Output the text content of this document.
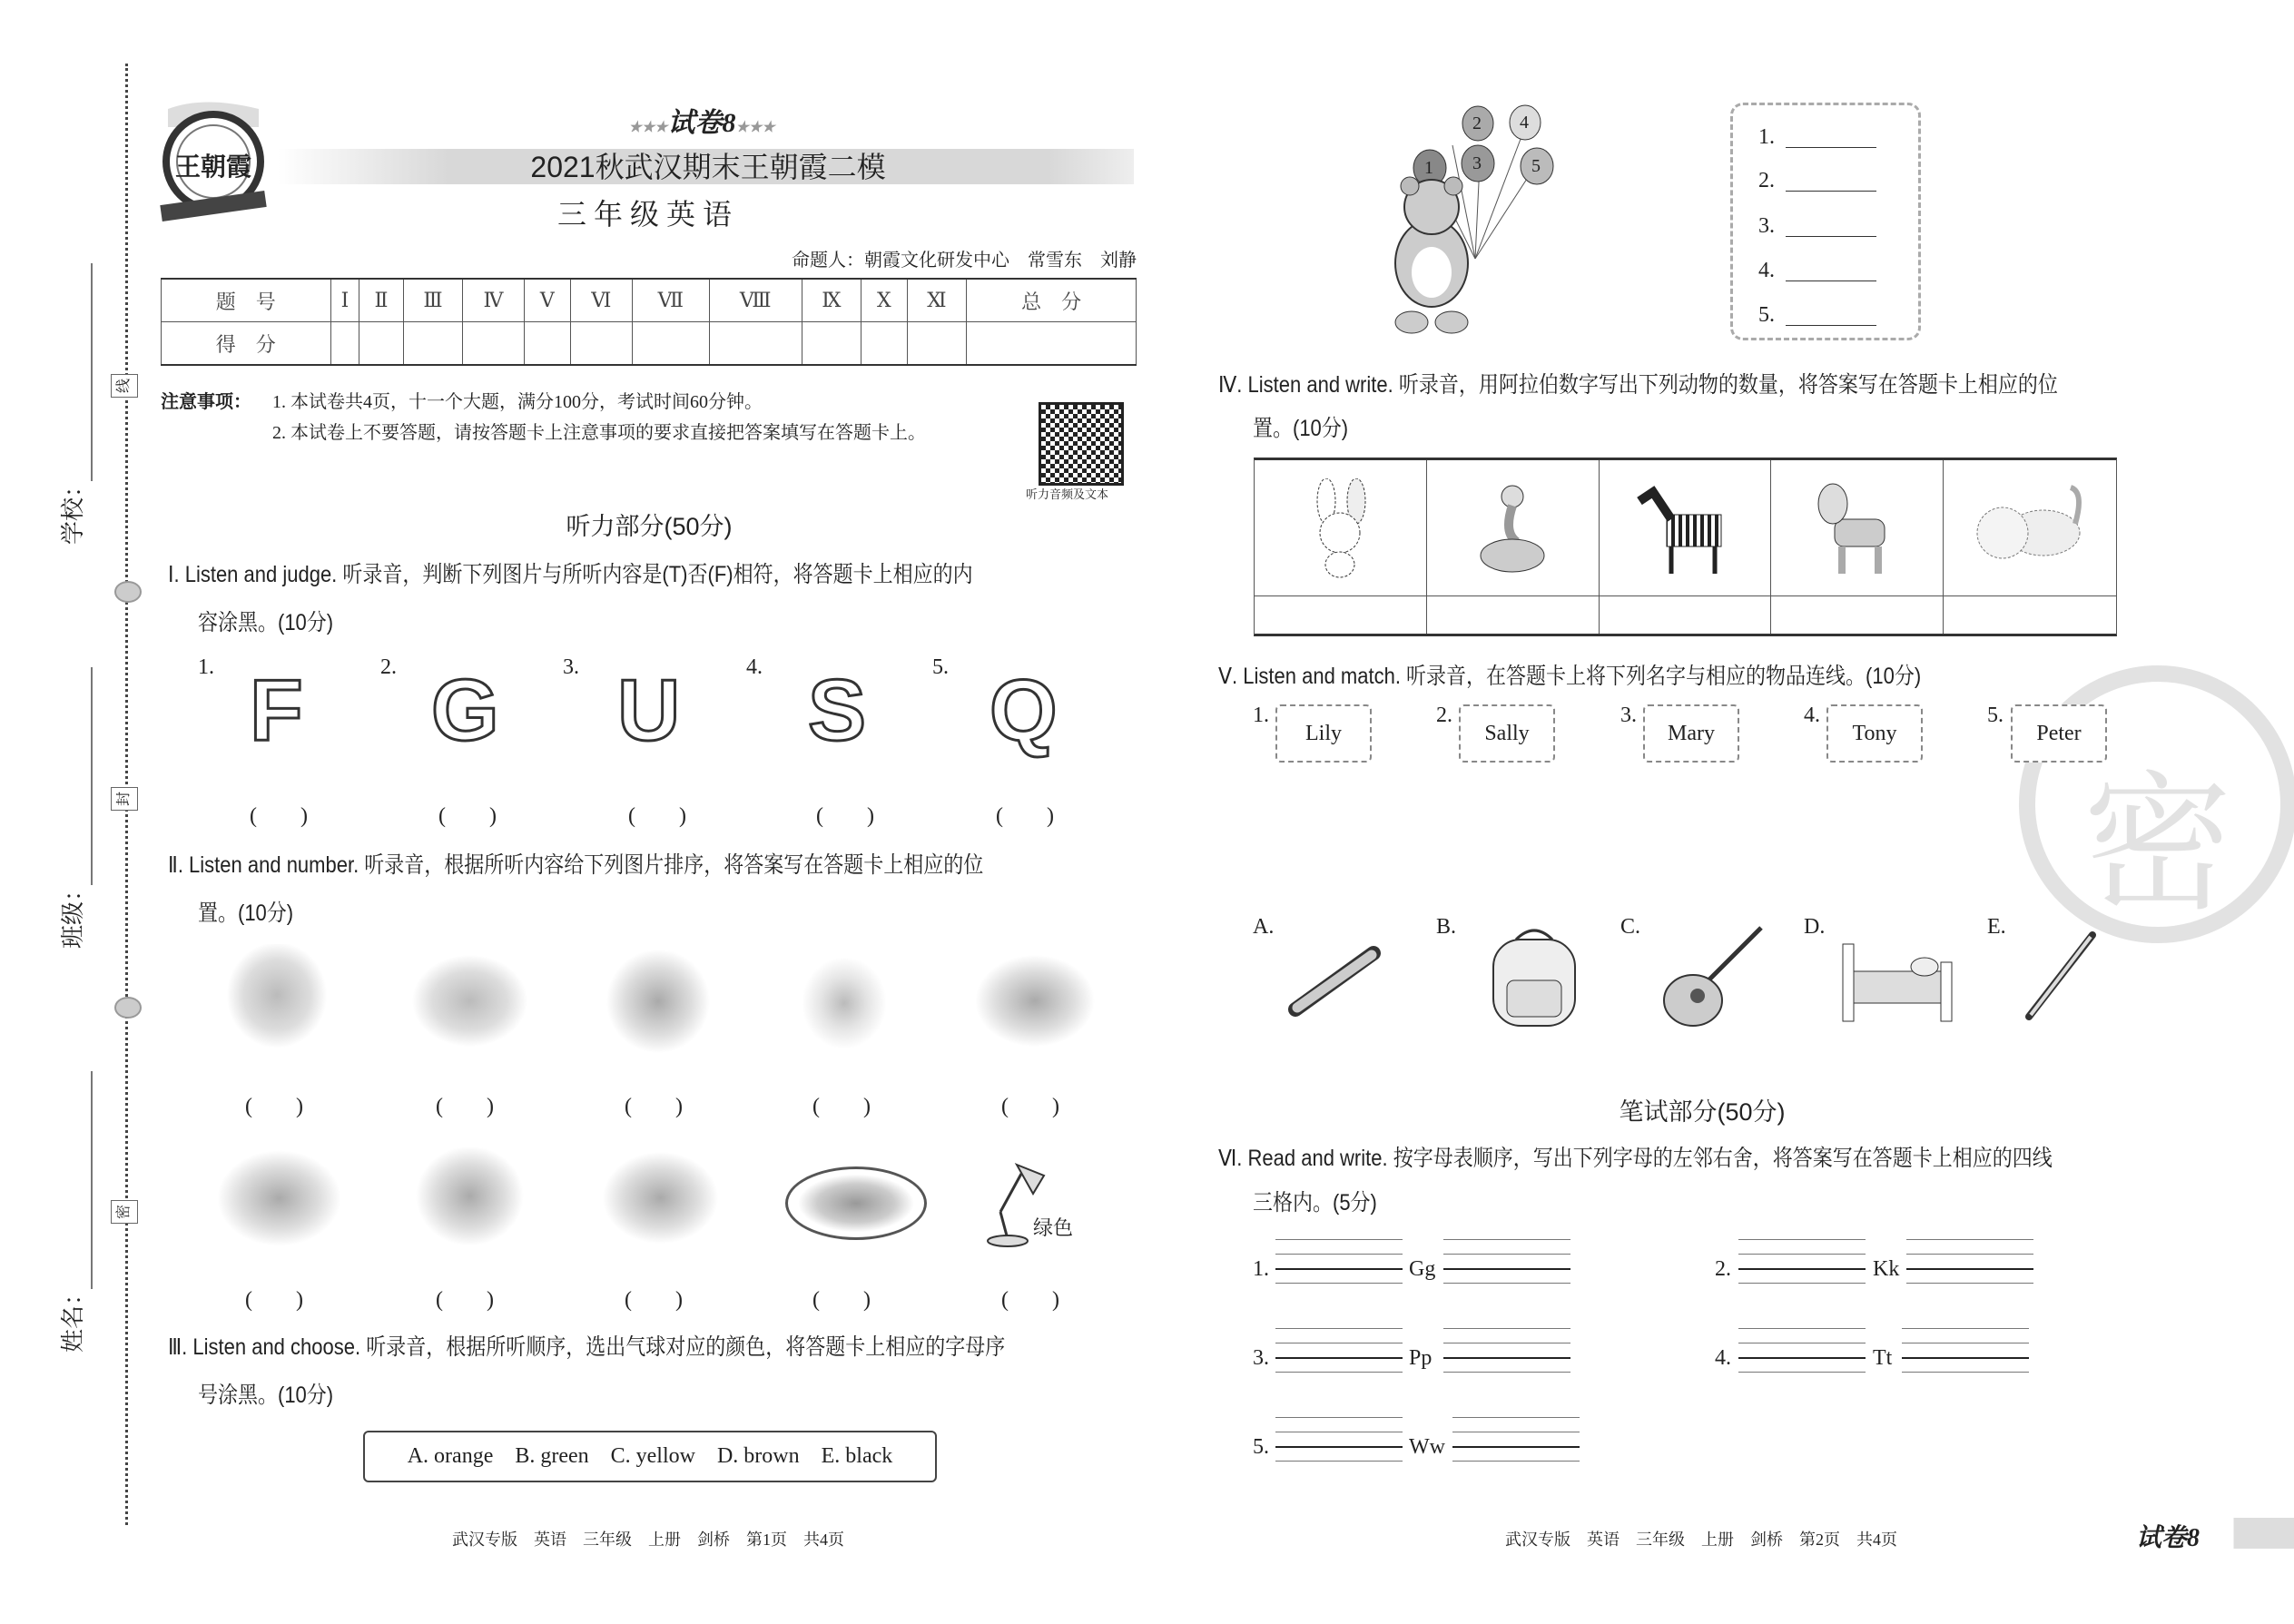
学校：
班级：
姓名：
线
封
密
王朝霞
★★★试卷8★★★
2021秋武汉期末王朝霞二模
三年级英语
命题人：朝霞文化研发中心　常雪东　刘静
题　号	Ⅰ	Ⅱ	Ⅲ	Ⅳ	Ⅴ	Ⅵ	Ⅶ	Ⅷ	Ⅸ	Ⅹ	Ⅺ	总　分
得　分												
注意事项： 1. 本试卷共4页，十一个大题，满分100分，考试时间60分钟。
2. 本试卷上不要答题，请按答题卡上注意事项的要求直接把答案填写在答题卡上。
听力音频及文本
听力部分(50分)
Ⅰ. Listen and judge. 听录音，判断下列图片与所听内容是(T)否(F)相符，将答题卡上相应的内
容涂黑。(10分)
1.	2.	3.	4.	5.
F G U S Q
(　　)	(　　)	(　　)	(　　)	(　　)
Ⅱ. Listen and number. 听录音，根据所听内容给下列图片排序，将答案写在答题卡上相应的位
置。(10分)
绿色
(　　)	(　　)	(　　)	(　　)	(　　)
(　　)	(　　)	(　　)	(　　)	(　　)
Ⅲ. Listen and choose. 听录音，根据所听顺序，选出气球对应的颜色，将答题卡上相应的字母序
号涂黑。(10分)
A. orange　B. green　C. yellow　D. brown　E. black
武汉专版　英语　三年级　上册　剑桥　第1页　共4页	武汉专版　英语　三年级　上册　剑桥　第2页　共4页	试卷8
密
1
2
3
4
5
1.
2.
3.
4.
5.
Ⅳ. Listen and write. 听录音，用阿拉伯数字写出下列动物的数量，将答案写在答题卡上相应的位
置。(10分)
Ⅴ. Listen and match. 听录音，在答题卡上将下列名字与相应的物品连线。(10分)
1.	2.	3.	4.	5.
Lily	Sally	Mary	Tony	Peter
A.	B.	C.	D.	E.
笔试部分(50分)
Ⅵ. Read and write. 按字母表顺序，写出下列字母的左邻右舍，将答案写在答题卡上相应的四线
三格内。(5分)
1.	Gg	2.	Kk
3.	Pp	4.	Tt
5.	Ww
